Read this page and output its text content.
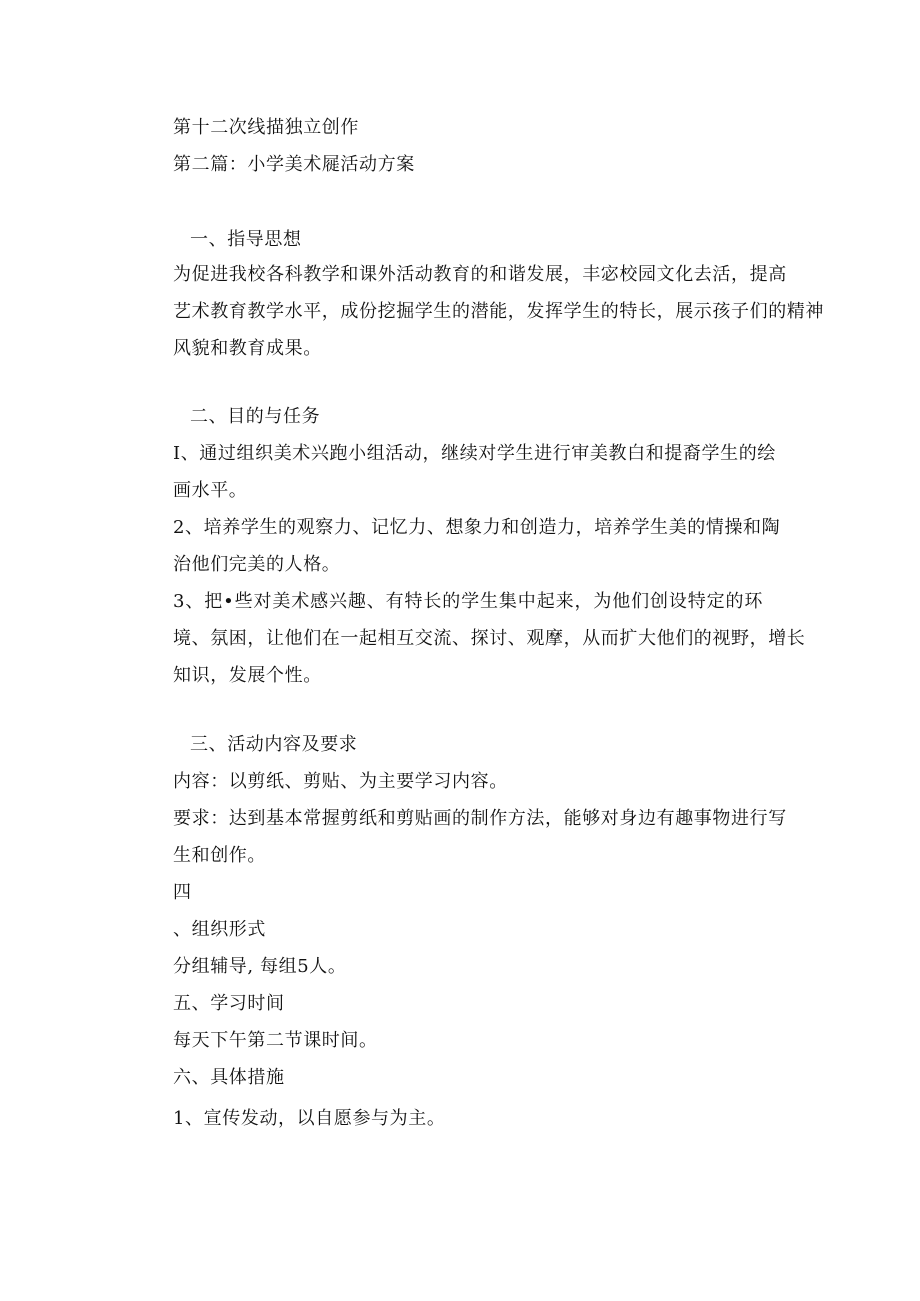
第十二次线描独立创作
第二篇：小学美术屣活动方案
一、指导思想
为促进我校各科教学和课外活动教育的和谐发展，丰宓校园文化去活，提高
艺术教育教学水平，成份挖掘学生的潜能，发挥学生的特长，展示孩子们的精神
风貌和教育成果。
二、目的与任务
I、通过组织美术兴跑小组活动，继续对学生进行审美教白和提裔学生的绘
画水平。
2、培养学生的观察力、记忆力、想象力和创造力，培养学生美的情操和陶
治他们完美的人格。
3、把•些对美术感兴趣、有特长的学生集中起来，为他们创设特定的环
境、氛困，让他们在一起相互交流、探讨、观摩，从而扩大他们的视野，增长
知识，发展个性。
三、活动内容及要求
内容：以剪纸、剪贴、为主要学习内容。
要求：达到基本常握剪纸和剪贴画的制作方法，能够对身边有趣事物进行写
生和创作。
四
、组织形式
分组辅导, 每组5人。
五、学习时间
每天下午第二节课时间。
六、具体措施
1、宣传发动，以自愿参与为主。
